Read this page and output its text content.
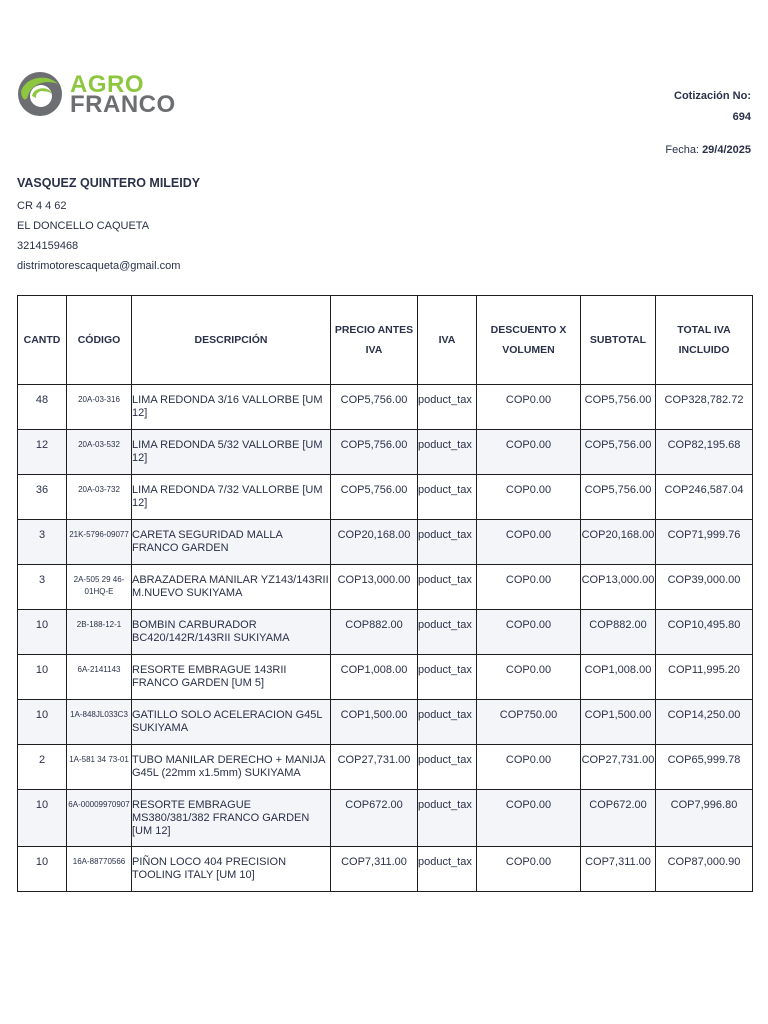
AGRO
FRANCO	Cotización No:
694
Fecha: 29/4/2025
VASQUEZ QUINTERO MILEIDY
CR 4 4 62
EL DONCELLO CAQUETA
3214159468
distrimotorescaqueta@gmail.com
CANTD	CÓDIGO	DESCRIPCIÓN	PRECIO ANTES IVA	IVA	DESCUENTO X VOLUMEN	SUBTOTAL	TOTAL IVA INCLUIDO
48	20A-03-316	LIMA REDONDA 3/16 VALLORBE [UM 12]	COP5,756.00	poduct_tax	COP0.00	COP5,756.00	COP328,782.72
12	20A-03-532	LIMA REDONDA 5/32 VALLORBE [UM 12]	COP5,756.00	poduct_tax	COP0.00	COP5,756.00	COP82,195.68
36	20A-03-732	LIMA REDONDA 7/32 VALLORBE [UM 12]	COP5,756.00	poduct_tax	COP0.00	COP5,756.00	COP246,587.04
3	21K-5796-09077	CARETA SEGURIDAD MALLA FRANCO GARDEN	COP20,168.00	poduct_tax	COP0.00	COP20,168.00	COP71,999.76
3	2A-505 29 46-01HQ-E	ABRAZADERA MANILAR YZ143/143RII M.NUEVO SUKIYAMA	COP13,000.00	poduct_tax	COP0.00	COP13,000.00	COP39,000.00
10	2B-188-12-1	BOMBIN CARBURADOR BC420/142R/143RII SUKIYAMA	COP882.00	poduct_tax	COP0.00	COP882.00	COP10,495.80
10	6A-2141143	RESORTE EMBRAGUE 143RII FRANCO GARDEN [UM 5]	COP1,008.00	poduct_tax	COP0.00	COP1,008.00	COP11,995.20
10	1A-848JL033C3	GATILLO SOLO ACELERACION G45L SUKIYAMA	COP1,500.00	poduct_tax	COP750.00	COP1,500.00	COP14,250.00
2	1A-581 34 73-01	TUBO MANILAR DERECHO + MANIJA G45L (22mm x1.5mm) SUKIYAMA	COP27,731.00	poduct_tax	COP0.00	COP27,731.00	COP65,999.78
10	6A-00009970907	RESORTE EMBRAGUE MS380/381/382 FRANCO GARDEN [UM 12]	COP672.00	poduct_tax	COP0.00	COP672.00	COP7,996.80
10	16A-88770566	PIÑON LOCO 404 PRECISION TOOLING ITALY [UM 10]	COP7,311.00	poduct_tax	COP0.00	COP7,311.00	COP87,000.90
